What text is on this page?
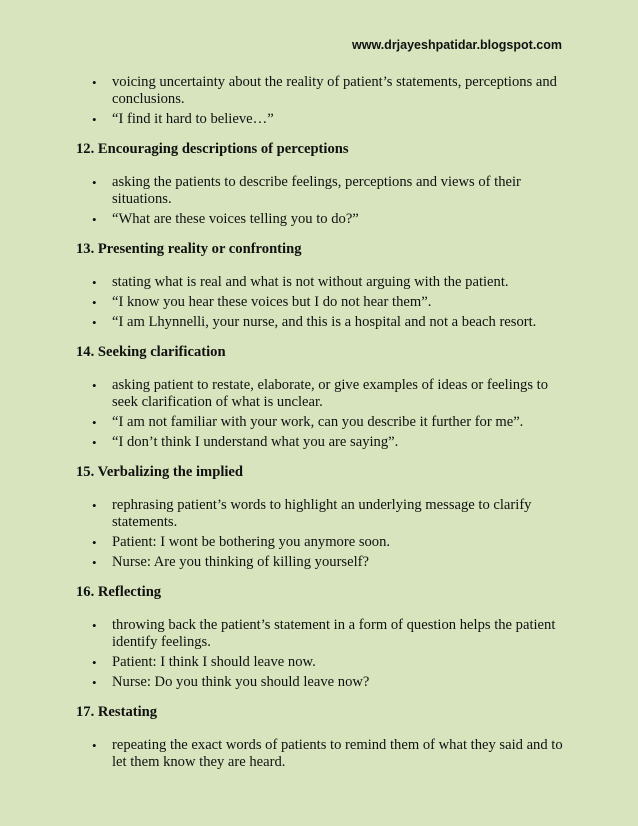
www.drjayeshpatidar.blogspot.com
• voicing uncertainty about the reality of patient’s statements, perceptions and conclusions.
• “I find it hard to believe…”
12. Encouraging descriptions of perceptions
• asking the patients to describe feelings, perceptions and views of their situations.
• “What are these voices telling you to do?”
13. Presenting reality or confronting
• stating what is real and what is not without arguing with the patient.
• “I know you hear these voices but I do not hear them”.
• “I am Lhynnelli, your nurse, and this is a hospital and not a beach resort.
14. Seeking clarification
• asking patient to restate, elaborate, or give examples of ideas or feelings to seek clarification of what is unclear.
• “I am not familiar with your work, can you describe it further for me”.
• “I don’t think I understand what you are saying”.
15. Verbalizing the implied
• rephrasing patient’s words to highlight an underlying message to clarify statements.
• Patient: I wont be bothering you anymore soon.
• Nurse: Are you thinking of killing yourself?
16. Reflecting
• throwing back the patient’s statement in a form of question helps the patient identify feelings.
• Patient: I think I should leave now.
• Nurse: Do you think you should leave now?
17. Restating
• repeating the exact words of patients to remind them of what they said and to let them know they are heard.
